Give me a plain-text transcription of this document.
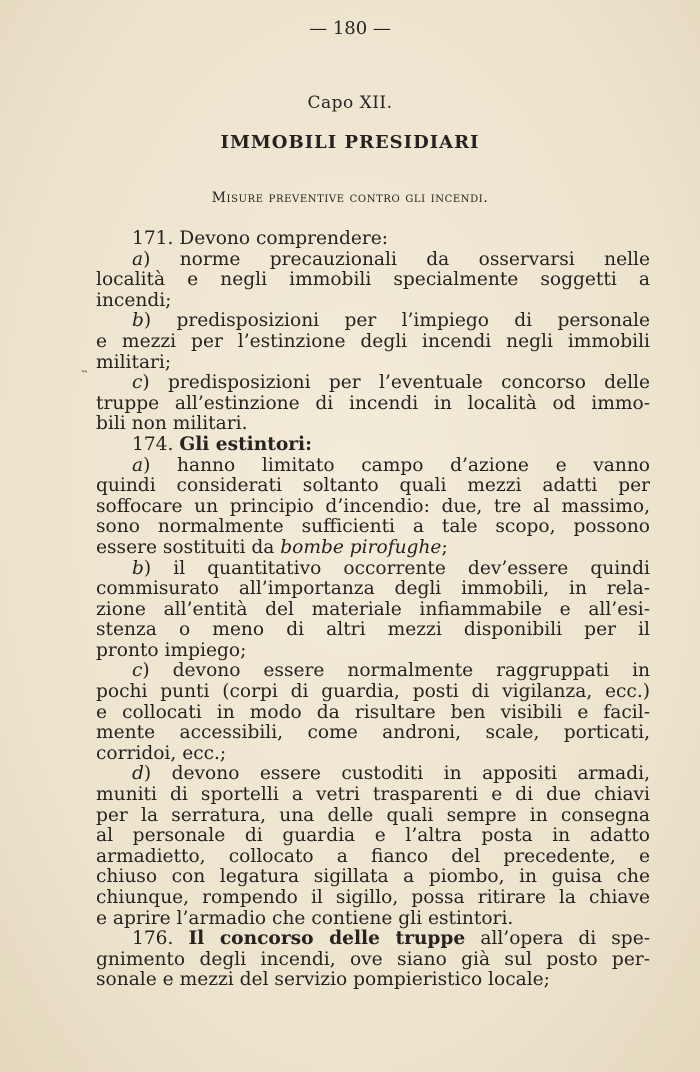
— 180 —
Capo XII.
IMMOBILI PRESIDIARI
Misure preventive contro gli incendi.
˵
171. Devono comprendere:
a) norme precauzionali da osservarsi nelle
località e negli immobili specialmente soggetti a
incendi;
b) predisposizioni per l’impiego di personale
e mezzi per l’estinzione degli incendi negli immobili
militari;
c) predisposizioni per l’eventuale concorso delle
truppe all’estinzione di incendi in località od immo-
bili non militari.
174. Gli estintori:
a) hanno limitato campo d’azione e vanno
quindi considerati soltanto quali mezzi adatti per
soffocare un principio d’incendio: due, tre al massimo,
sono normalmente sufficienti a tale scopo, possono
essere sostituiti da bombe pirofughe;
b) il quantitativo occorrente dev’essere quindi
commisurato all’importanza degli immobili, in rela-
zione all’entità del materiale infiammabile e all’esi-
stenza o meno di altri mezzi disponibili per il
pronto impiego;
c) devono essere normalmente raggruppati in
pochi punti (corpi di guardia, posti di vigilanza, ecc.)
e collocati in modo da risultare ben visibili e facil-
mente accessibili, come androni, scale, porticati,
corridoi, ecc.;
d) devono essere custoditi in appositi armadi,
muniti di sportelli a vetri trasparenti e di due chiavi
per la serratura, una delle quali sempre in consegna
al personale di guardia e l’altra posta in adatto
armadietto, collocato a fianco del precedente, e
chiuso con legatura sigillata a piombo, in guisa che
chiunque, rompendo il sigillo, possa ritirare la chiave
e aprire l’armadio che contiene gli estintori.
176. Il concorso delle truppe all’opera di spe-
gnimento degli incendi, ove siano già sul posto per-
sonale e mezzi del servizio pompieristico locale;
